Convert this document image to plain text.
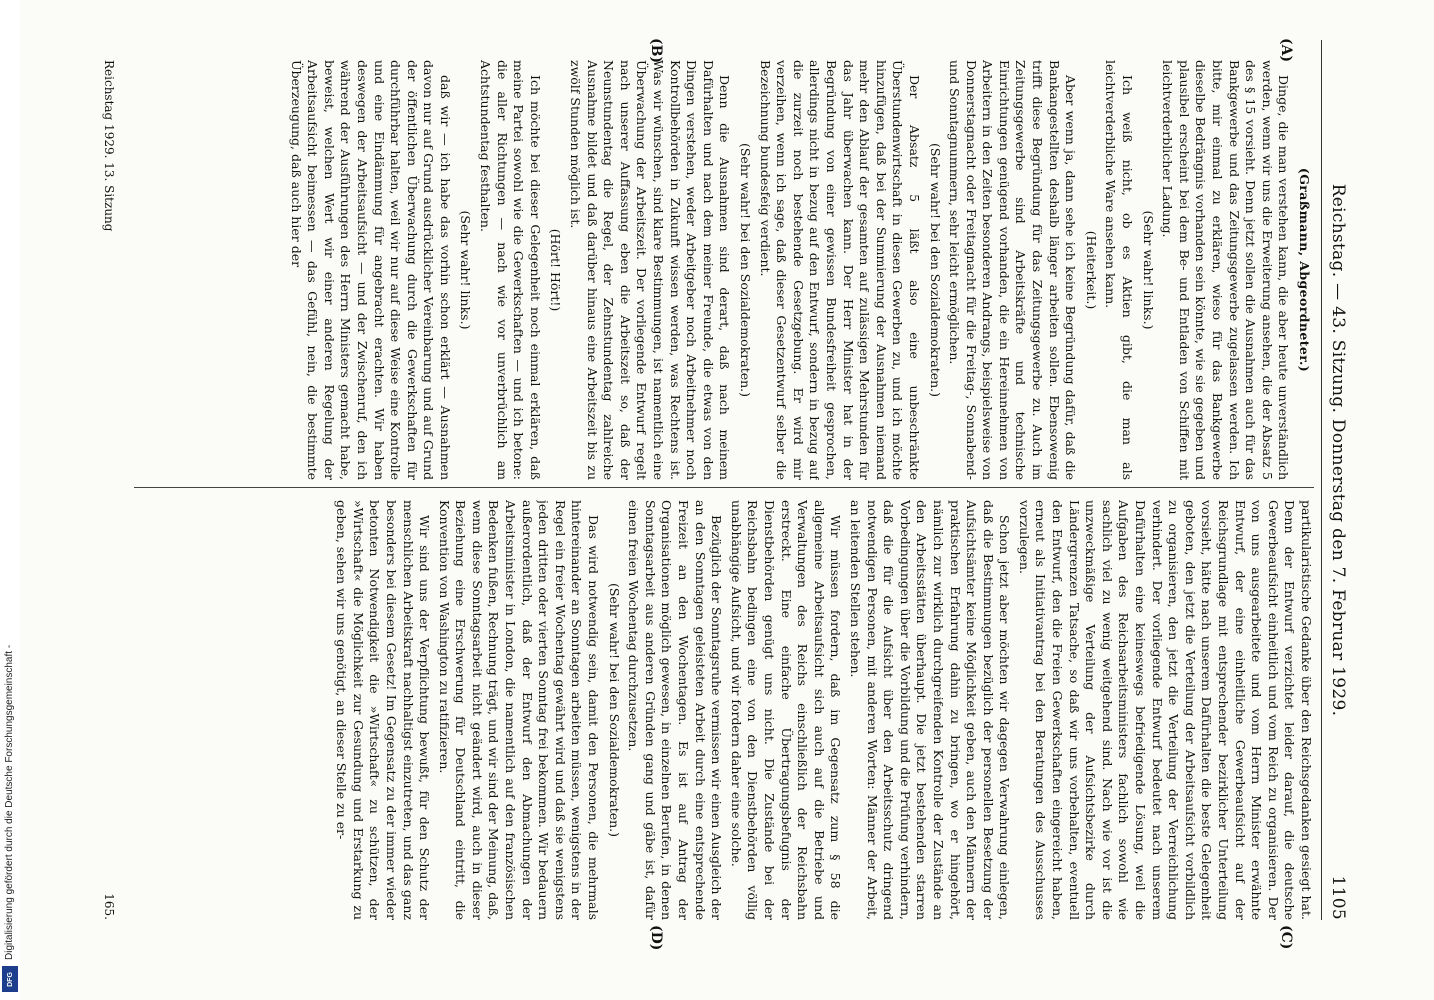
Reichstag. — 43. Sitzung. Donnerstag den 7. Februar 1929.
1105
(A)
(B)
(C)
(D)
(Graßmann, Abgeordneter.)

Dinge, die man verstehen kann, die aber heute unverständlich werden, wenn wir uns die Erweiterung ansehen, die der Absatz 5 des § 15 vorsieht. Denn jetzt sollen die Ausnahmen auch für das Bankgewerbe und das Zeitungsgewerbe zugelassen werden. Ich bitte, mir einmal zu erklären, wieso für das Bankgewerbe dieselbe Bedrängnis vorhanden sein könnte, wie sie gegeben und plausibel erscheint bei dem Be- und Entladen von Schiffen mit leichtverderblicher Ladung.

(Sehr wahr! links.)

Ich weiß nicht, ob es Aktien gibt, die man als leichtverderbliche Ware ansehen kann.

(Heiterkeit.)

Aber wenn ja, dann sehe ich keine Begründung dafür, daß die Bankangestellten deshalb länger arbeiten sollen. Ebensowenig trifft diese Begründung für das Zeitungsgewerbe zu. Auch im Zeitungsgewerbe sind Arbeitskräfte und technische Einrichtungen genügend vorhanden, die ein Hereinnehmen von Arbeitern in den Zeiten besonderen Andrangs, beispielsweise von Donnerstagnacht oder Freitagnacht für die Freitag-, Sonnabend- und Sonntagnummern, sehr leicht ermöglichen.

(Sehr wahr! bei den Sozialdemokraten.)

Der Absatz 5 läßt also eine unbeschränkte Überstundenwirtschaft in diesen Gewerben zu, und ich möchte hinzufügen, daß bei der Summierung der Ausnahmen niemand mehr den Ablauf der gesamten auf zulässigen Mehrstunden für das Jahr überwachen kann. Der Herr Minister hat in der Begründung von einer gewissen Bundesfreiheit gesprochen, allerdings nicht in bezug auf den Entwurf, sondern in bezug auf die zurzeit noch bestehende Gesetzgebung. Er wird mir verzeihen, wenn ich sage, daß dieser Gesetzentwurf selber die Bezeichnung bundesfeig verdient.

(Sehr wahr! bei den Sozialdemokraten.)

Denn die Ausnahmen sind derart, daß nach meinem Dafürhalten und nach dem meiner Freunde, die etwas von den Dingen verstehen, weder Arbeitgeber noch Arbeitnehmer noch Kontrollbehörden in Zukunft wissen werden, was Rechtens ist. Was wir wünschen, sind klare Bestimmungen, ist namentlich eine Überwachung der Arbeitszeit. Der vorliegende Entwurf regelt nach unserer Auffassung eben die Arbeitszeit so, daß der Neunstundentag die Regel, der Zehnstundentag zahlreiche Ausnahme bildet und daß darüber hinaus eine Arbeitszeit bis zu zwölf Stunden möglich ist.

(Hört! Hört!)

Ich möchte bei dieser Gelegenheit noch einmal erklären, daß meine Partei sowohl wie die Gewerkschaften — und ich betone: die aller Richtungen — nach wie vor unverbrüchlich am Achtstundentag festhalten.

(Sehr wahr! links.)

daß wir — ich habe das vorhin schon erklärt — Ausnahmen davon nur auf Grund ausdrücklicher Vereinbarung und auf Grund der öffentlichen Überwachung durch die Gewerkschaften für durchführbar halten, weil wir nur auf diese Weise eine Kontrolle und eine Eindämmung für angebracht erachten. Wir haben deswegen der Arbeitsaufsicht — und der Zwischenruf, den ich während der Ausführungen des Herrn Ministers gemacht habe, beweist, welchen Wert wir einer anderen Regelung der Arbeitsaufsicht beimessen — das Gefühl, nein, die bestimmte Überzeugung, daß auch hier der

partikularistische Gedanke über den Reichsgedanken gesiegt hat. Denn der Entwurf verzichtet leider darauf, die deutsche Gewerbeaufsicht einheitlich und vom Reich zu organisieren. Der von uns ausgearbeitete und vom Herrn Minister erwähnte Entwurf, der eine einheitliche Gewerbeaufsicht auf der Reichsgrundlage mit entsprechender bezirklicher Unterteilung vorsieht, hätte nach unserem Dafürhalten die beste Gelegenheit geboten, den jetzt die Verteilung der Arbeitsaufsicht vorbildlich zu organisieren, den jetzt die Verteilung der Verreichlichung verhindert. Der vorliegende Entwurf bedeutet nach unserem Dafürhalten eine keineswegs befriedigende Lösung, weil die Aufgaben des Reichsarbeitsministers fachlich sowohl wie sachlich viel zu wenig weitgehend sind. Nach wie vor ist die unzweckmäßige Verteilung der Aufsichtsbezirke durch Ländergrenzen Tatsache, so daß wir uns vorbehalten, eventuell den Entwurf, den die Freien Gewerkschaften eingereicht haben, erneut als Initiativantrag bei den Beratungen des Ausschusses vorzulegen.

Schon jetzt aber möchten wir dagegen Verwahrung einlegen, daß die Bestimmungen bezüglich der personellen Besetzung der Aufsichtsämter keine Möglichkeit geben, auch den Männern der praktischen Erfahrung dahin zu bringen, wo er hingehört, nämlich zur wirklich durchgreifenden Kontrolle der Zustände an den Arbeitsstätten überhaupt. Die jetzt bestehenden starren Vorbedingungen über die Vorbildung und die Prüfung verhindern, daß die für die Aufsicht über den Arbeitsschutz dringend notwendigen Personen, mit anderen Worten: Männer der Arbeit, an leitenden Stellen stehen.

Wir müssen fordern, daß im Gegensatz zum § 58 die allgemeine Arbeitsaufsicht sich auch auf die Betriebe und Verwaltungen des Reichs einschließlich der Reichsbahn erstreckt. Eine einfache Übertragungsbefugnis der Dienstbehörden genügt uns nicht. Die Zustände bei der Reichsbahn bedingen eine von den Dienstbehörden völlig unabhängige Aufsicht, und wir fordern daher eine solche.

Bezüglich der Sonntagsruhe vermissen wir einen Ausgleich der an den Sonntagen geleisteten Arbeit durch eine entsprechende Freizeit an den Wochentagen. Es ist auf Antrag der Organisationen möglich gewesen, in einzelnen Berufen, in denen Sonntagsarbeit aus anderen Gründen gang und gäbe ist, dafür einen freien Wochentag durchzusetzen.

(Sehr wahr! bei den Sozialdemokraten.)

Das wird notwendig sein, damit den Personen, die mehrmals hintereinander an Sonntagen arbeiten müssen, wenigstens in der Regel ein freier Wochentag gewährt wird und daß sie wenigstens jeden dritten oder vierten Sonntag frei bekommen. Wir bedauern außerordentlich, daß der Entwurf den Abmachungen der Arbeitsminister in London, die namentlich auf den französischen Bedenken fußen, Rechnung trägt, und wir sind der Meinung, daß, wenn diese Sonntagsarbeit nicht geändert wird, auch in dieser Beziehung eine Erschwerung für Deutschland eintritt, die Konvention von Washington zu ratifizieren.

Wir sind uns der Verpflichtung bewußt, für den Schutz der menschlichen Arbeitskraft nachhaltigst einzutreten, und das ganz besonders bei diesem Gesetz! Im Gegensatz zu der immer wieder betonten Notwendigkeit die »Wirtschaft« zu schützen, der »Wirtschaft« die Möglichkeit zur Gesundung und Erstarkung zu geben, sehen wir uns genötigt, an dieser Stelle zu er-

Reichstag 1929. 13. Sitzung
165.
Digitalisierung gefördert durch die Deutsche Forschungsgemeinschaft -
DFG
